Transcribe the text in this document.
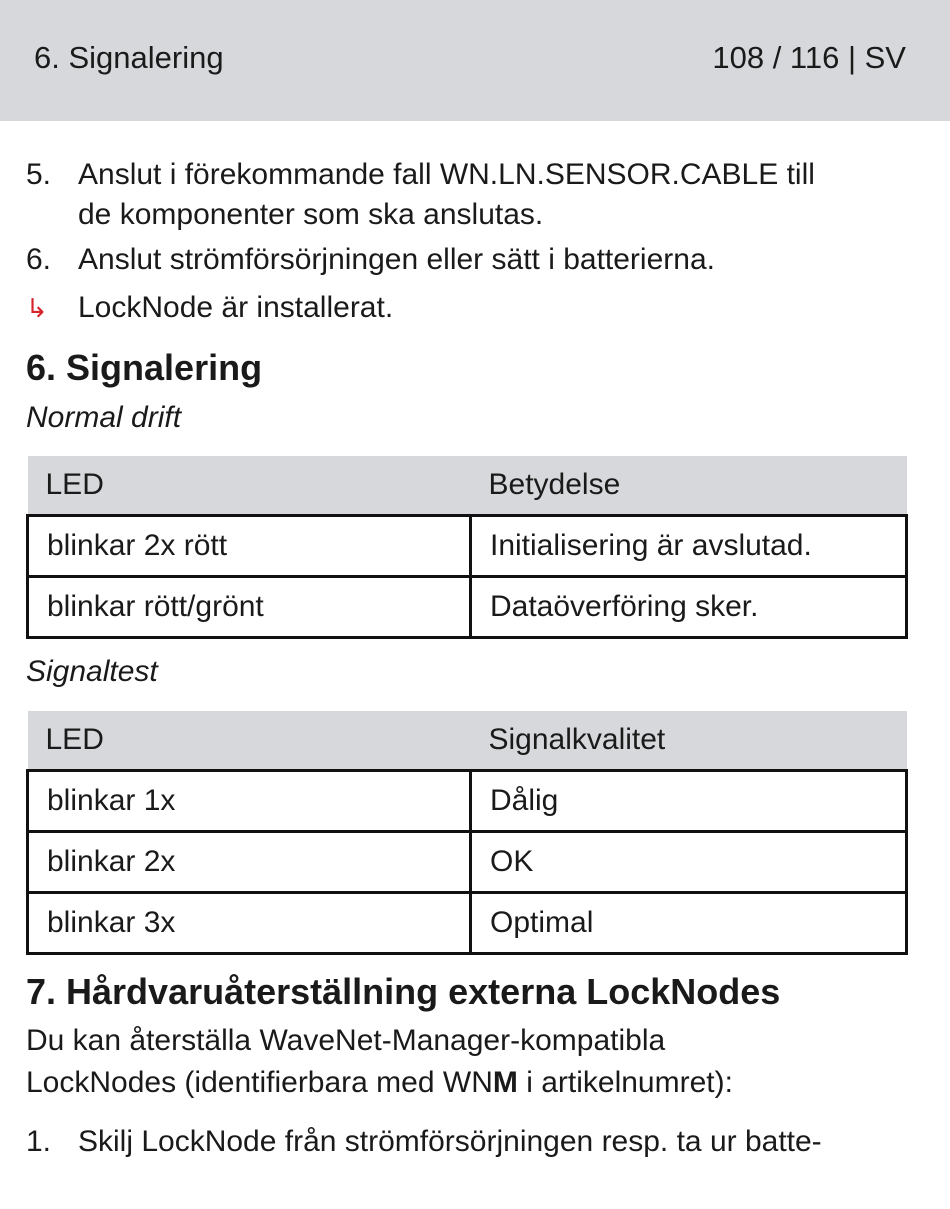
6. Signalering	108 / 116 | SV
5. Anslut i förekommande fall WN.LN.SENSOR.CABLE till
de komponenter som ska anslutas.
6. Anslut strömförsörjningen eller sätt i batterierna.
↳	LockNode är installerat.
6. Signalering
Normal drift
LED	Betydelse
blinkar 2x rött	Initialisering är avslutad.
blinkar rött/grönt	Dataöverföring sker.
Signaltest
LED	Signalkvalitet
blinkar 1x	Dålig
blinkar 2x	OK
blinkar 3x	Optimal
7. Hårdvaruåterställning externa LockNodes
Du kan återställa WaveNet-Manager-kompatibla
LockNodes (identifierbara med WNM i artikelnumret):
1. Skilj LockNode från strömförsörjningen resp. ta ur batte-
